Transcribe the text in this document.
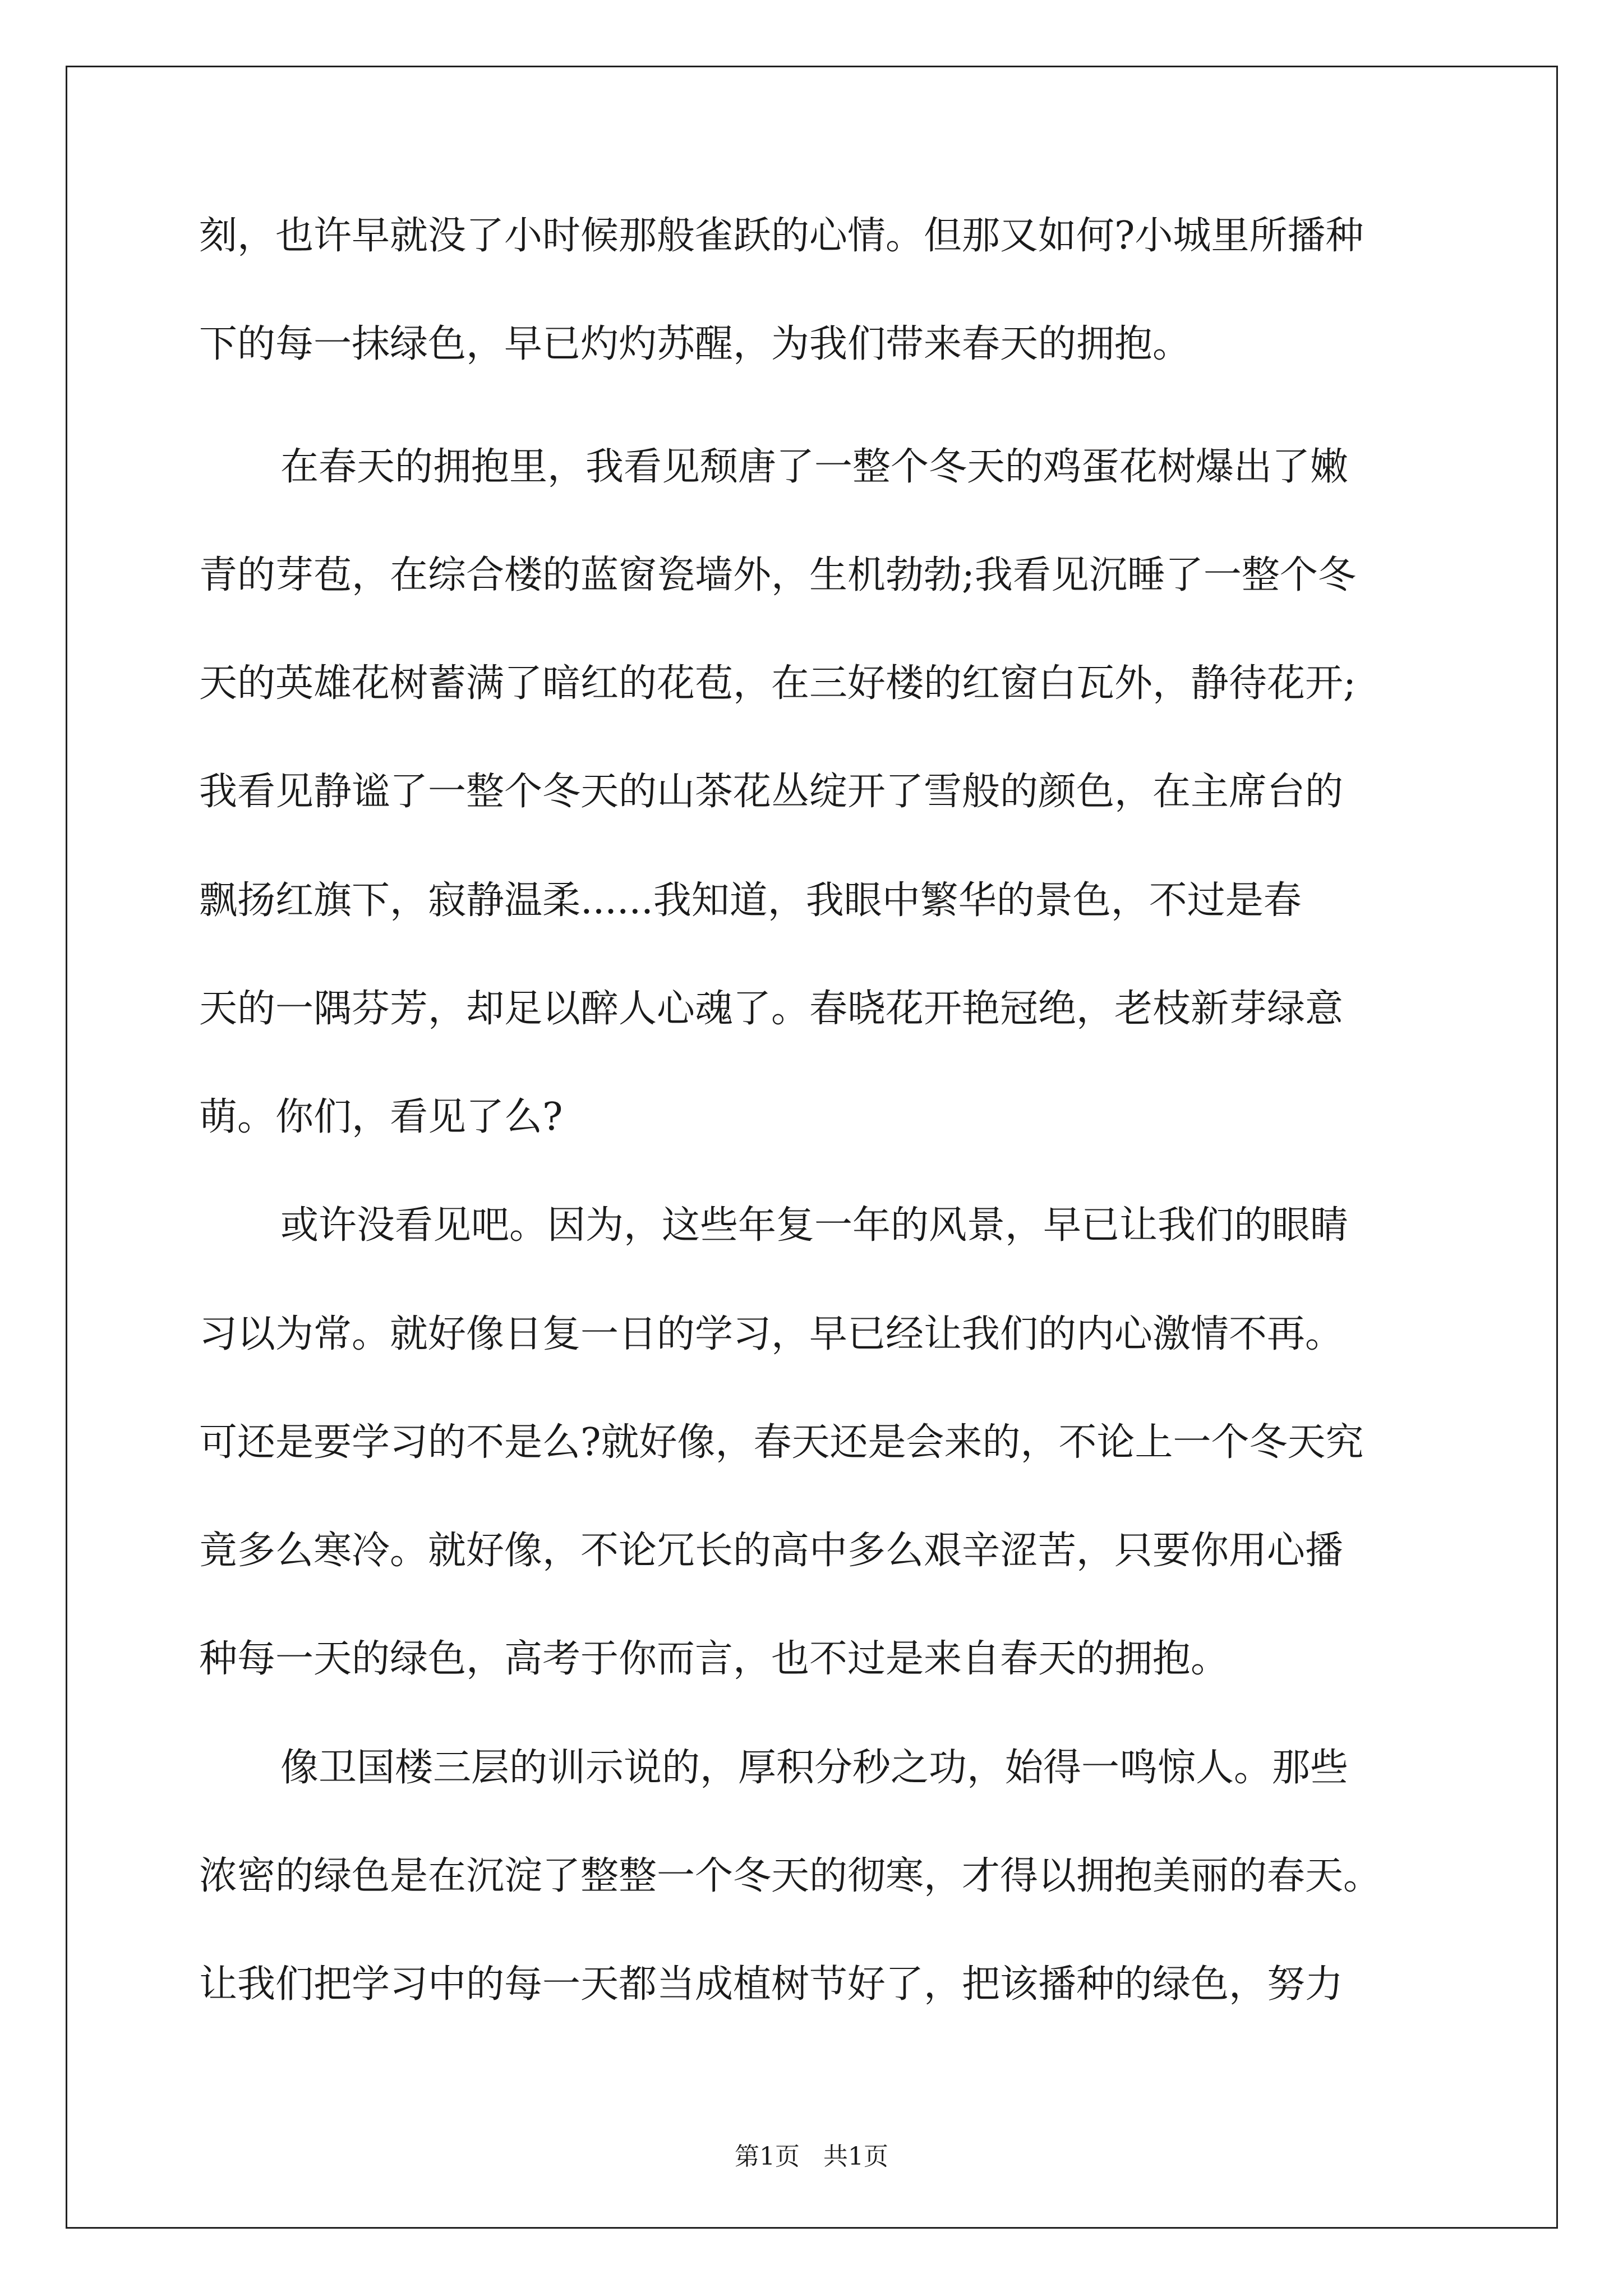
刻，也许早就没了小时候那般雀跃的心情。但那又如何?小城里所播种
下的每一抹绿色，早已灼灼苏醒，为我们带来春天的拥抱。
在春天的拥抱里，我看见颓唐了一整个冬天的鸡蛋花树爆出了嫩
青的芽苞，在综合楼的蓝窗瓷墙外，生机勃勃;我看见沉睡了一整个冬
天的英雄花树蓄满了暗红的花苞，在三好楼的红窗白瓦外，静待花开;
我看见静谧了一整个冬天的山茶花丛绽开了雪般的颜色，在主席台的
飘扬红旗下，寂静温柔......我知道，我眼中繁华的景色，不过是春
天的一隅芬芳，却足以醉人心魂了。春晓花开艳冠绝，老枝新芽绿意
萌。你们，看见了么?
或许没看见吧。因为，这些年复一年的风景，早已让我们的眼睛
习以为常。就好像日复一日的学习，早已经让我们的内心激情不再。
可还是要学习的不是么?就好像，春天还是会来的，不论上一个冬天究
竟多么寒冷。就好像，不论冗长的高中多么艰辛涩苦，只要你用心播
种每一天的绿色，高考于你而言，也不过是来自春天的拥抱。
像卫国楼三层的训示说的，厚积分秒之功，始得一鸣惊人。那些
浓密的绿色是在沉淀了整整一个冬天的彻寒，才得以拥抱美丽的春天。
让我们把学习中的每一天都当成植树节好了，把该播种的绿色，努力
第1页   共1页
